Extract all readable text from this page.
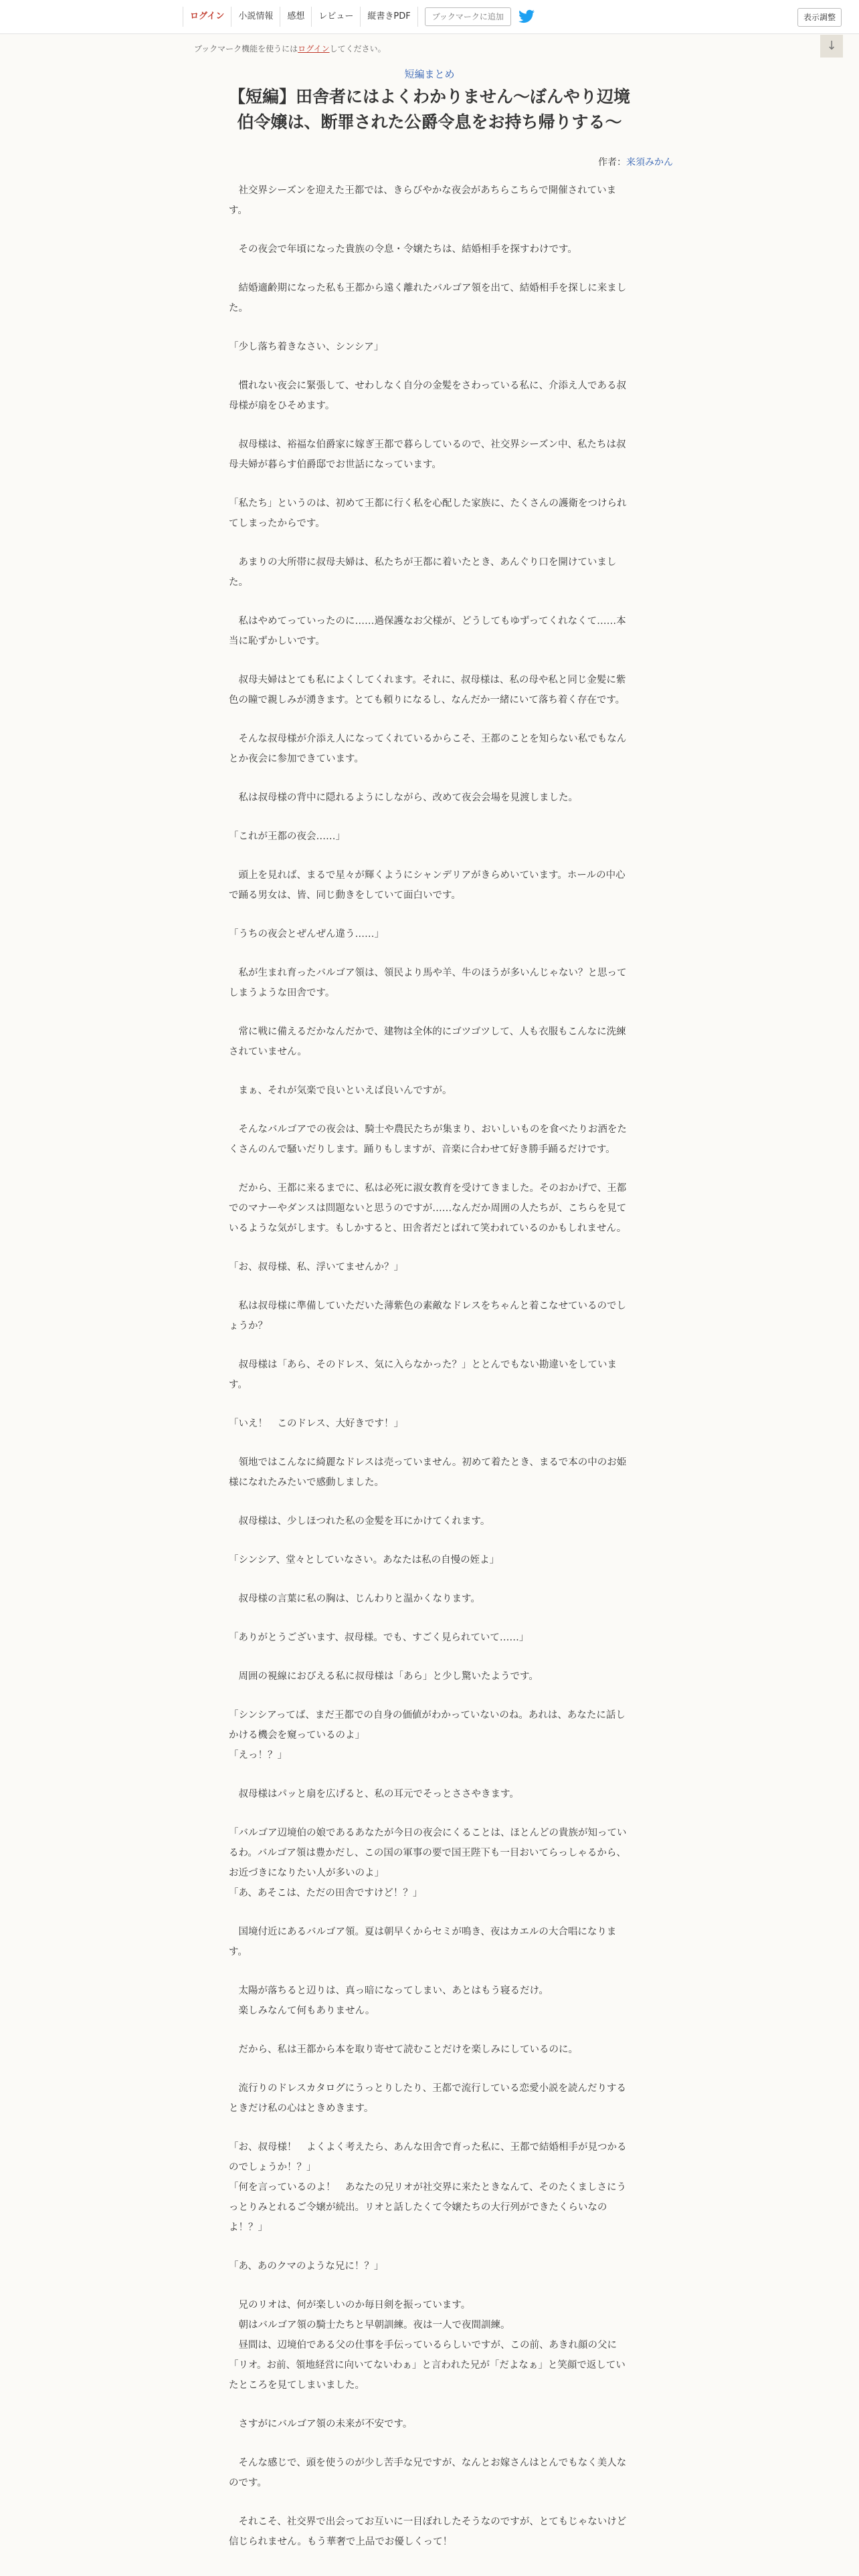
ログイン	小説情報	感想	レビュー	縦書きPDF	ブックマークに追加	表示調整
ブックマーク機能を使うにはログインしてください。	↓
短編まとめ
【短編】田舎者にはよくわかりません〜ぼんやり辺境伯令嬢は、断罪された公爵令息をお持ち帰りする〜
作者：来須みかん

　社交界シーズンを迎えた王都では、きらびやかな夜会があちらこちらで開催されています。

　その夜会で年頃になった貴族の令息・令嬢たちは、結婚相手を探すわけです。

　結婚適齢期になった私も王都から遠く離れたバルゴア領を出て、結婚相手を探しに来ました。

「少し落ち着きなさい、シンシア」

　慣れない夜会に緊張して、せわしなく自分の金髪をさわっている私に、介添え人である叔母様が扇をひそめます。

　叔母様は、裕福な伯爵家に嫁ぎ王都で暮らしているので、社交界シーズン中、私たちは叔母夫婦が暮らす伯爵邸でお世話になっています。

「私たち」というのは、初めて王都に行く私を心配した家族に、たくさんの護衛をつけられてしまったからです。

　あまりの大所帯に叔母夫婦は、私たちが王都に着いたとき、あんぐり口を開けていました。

　私はやめてっていったのに……過保護なお父様が、どうしてもゆずってくれなくて……本当に恥ずかしいです。

　叔母夫婦はとても私によくしてくれます。それに、叔母様は、私の母や私と同じ金髪に紫色の瞳で親しみが湧きます。とても頼りになるし、なんだか一緒にいて落ち着く存在です。

　そんな叔母様が介添え人になってくれているからこそ、王都のことを知らない私でもなんとか夜会に参加できています。

　私は叔母様の背中に隠れるようにしながら、改めて夜会会場を見渡しました。

「これが王都の夜会……」

　頭上を見れば、まるで星々が輝くようにシャンデリアがきらめいています。ホールの中心で踊る男女は、皆、同じ動きをしていて面白いです。

「うちの夜会とぜんぜん違う……」

　私が生まれ育ったバルゴア領は、領民より馬や羊、牛のほうが多いんじゃない？と思ってしまうような田舎です。

　常に戦に備えるだかなんだかで、建物は全体的にゴツゴツして、人も衣服もこんなに洗練されていません。

　まぁ、それが気楽で良いといえば良いんですが。

　そんなバルゴアでの夜会は、騎士や農民たちが集まり、おいしいものを食べたりお酒をたくさんのんで騒いだりします。踊りもしますが、音楽に合わせて好き勝手踊るだけです。

　だから、王都に来るまでに、私は必死に淑女教育を受けてきました。そのおかげで、王都でのマナーやダンスは問題ないと思うのですが……なんだか周囲の人たちが、こちらを見ているような気がします。もしかすると、田舎者だとばれて笑われているのかもしれません。

「お、叔母様、私、浮いてませんか？」

　私は叔母様に準備していただいた薄紫色の素敵なドレスをちゃんと着こなせているのでしょうか？

　叔母様は「あら、そのドレス、気に入らなかった？」ととんでもない勘違いをしています。

「いえ！　このドレス、大好きです！」

　領地ではこんなに綺麗なドレスは売っていません。初めて着たとき、まるで本の中のお姫様になれたみたいで感動しました。

　叔母様は、少しほつれた私の金髪を耳にかけてくれます。

「シンシア、堂々としていなさい。あなたは私の自慢の姪よ」

　叔母様の言葉に私の胸は、じんわりと温かくなります。

「ありがとうございます、叔母様。でも、すごく見られていて……」

　周囲の視線におびえる私に叔母様は「あら」と少し驚いたようです。

「シンシアってば、まだ王都での自身の価値がわかっていないのね。あれは、あなたに話しかける機会を窺っているのよ」
「えっ！？」

　叔母様はパッと扇を広げると、私の耳元でそっとささやきます。

「バルゴア辺境伯の娘であるあなたが今日の夜会にくることは、ほとんどの貴族が知っているわ。バルゴア領は豊かだし、この国の軍事の要で国王陛下も一目おいてらっしゃるから、お近づきになりたい人が多いのよ」
「あ、あそこは、ただの田舎ですけど！？」

　国境付近にあるバルゴア領。夏は朝早くからセミが鳴き、夜はカエルの大合唱になります。

　太陽が落ちると辺りは、真っ暗になってしまい、あとはもう寝るだけ。
　楽しみなんて何もありません。

　だから、私は王都から本を取り寄せて読むことだけを楽しみにしているのに。

　流行りのドレスカタログにうっとりしたり、王都で流行している恋愛小説を読んだりするときだけ私の心はときめきます。

「お、叔母様！　よくよく考えたら、あんな田舎で育った私に、王都で結婚相手が見つかるのでしょうか！？」
「何を言っているのよ！　あなたの兄リオが社交界に来たときなんて、そのたくましさにうっとりみとれるご令嬢が続出。リオと話したくて令嬢たちの大行列ができたくらいなのよ！？」

「あ、あのクマのような兄に！？」

　兄のリオは、何が楽しいのか毎日剣を振っています。
　朝はバルゴア領の騎士たちと早朝訓練。夜は一人で夜間訓練。
　昼間は、辺境伯である父の仕事を手伝っているらしいですが、この前、あきれ顔の父に「リオ。お前、領地経営に向いてないわぁ」と言われた兄が「だよなぁ」と笑顔で返していたところを見てしまいました。

　さすがにバルゴア領の未来が不安です。

　そんな感じで、頭を使うのが少し苦手な兄ですが、なんとお嫁さんはとんでもなく美人なのです。

　それこそ、社交界で出会ってお互いに一目ぼれしたそうなのですが、とてもじゃないけど信じられません。もう華奢で上品でお優しくって！
